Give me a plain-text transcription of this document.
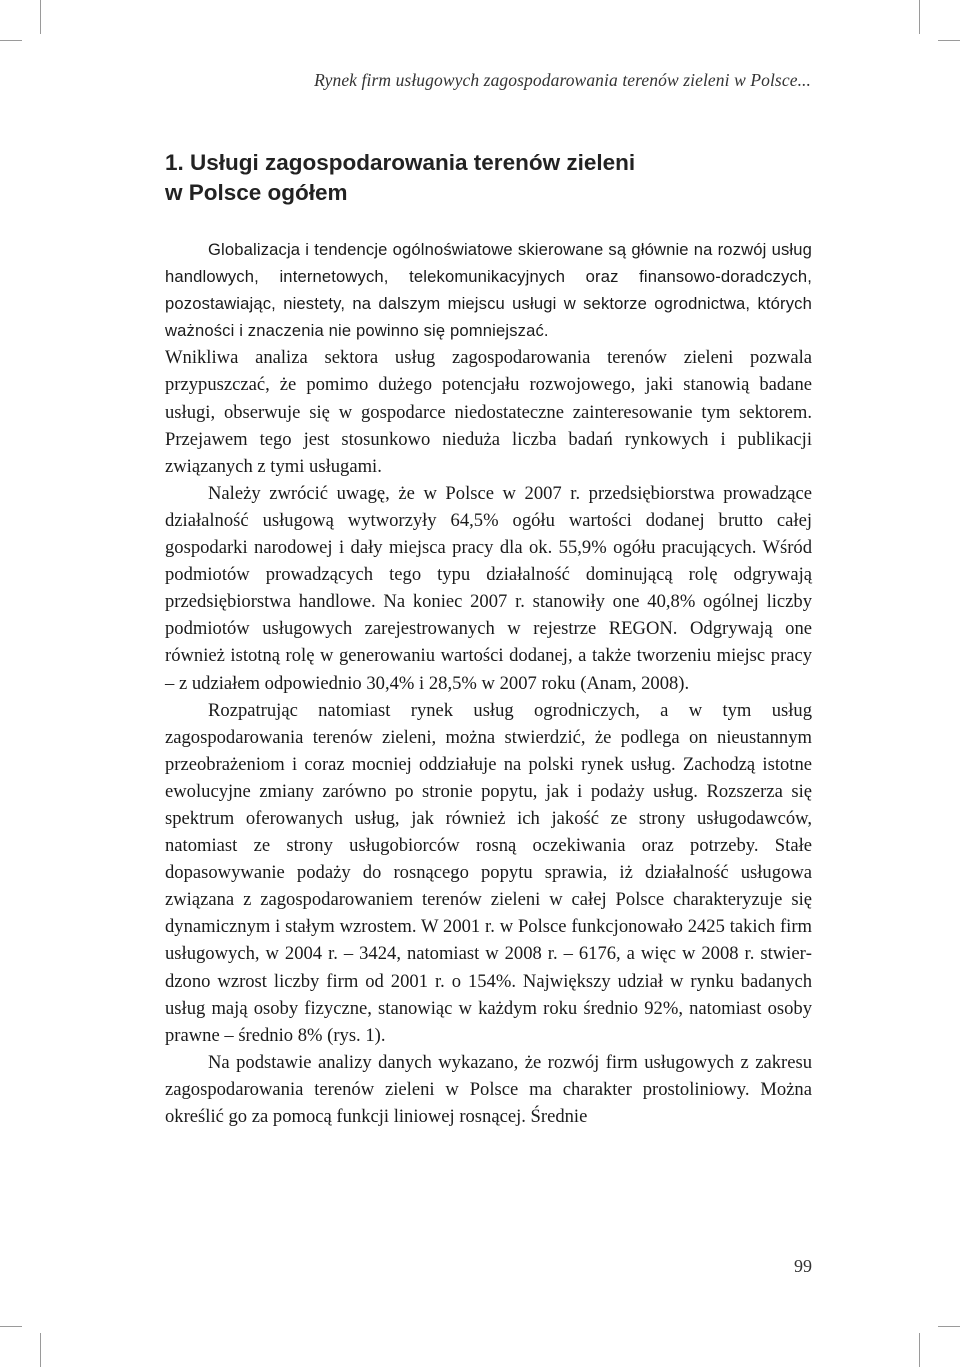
Rynek firm usługowych zagospodarowania terenów zieleni w Polsce...
1. Usługi zagospodarowania terenów zieleni
w Polsce ogółem

Globalizacja i tendencje ogólnoświatowe skierowane są głównie na rozwój usług handlowych, internetowych, telekomunikacyjnych oraz finansowo-doradczych, pozostawiając, niestety, na dalszym miejscu usługi w sektorze ogrodnictwa, których ważności i znaczenia nie powinno się pomniejszać.

Wnikliwa analiza sektora usług zagospodarowania terenów zieleni pozwala przypuszczać, że pomimo dużego potencjału rozwojowego, jaki stanowią badane usługi, obserwuje się w gospodarce niedostateczne zainteresowanie tym sektorem. Przejawem tego jest stosunkowo nieduża liczba badań rynkowych i publikacji związanych z tymi usługami.

Należy zwrócić uwagę, że w Polsce w 2007 r. przedsiębiorstwa prowadzące działalność usługową wytworzyły 64,5% ogółu wartości dodanej brutto całej gospodarki narodowej i dały miejsca pracy dla ok. 55,9% ogółu pracujących. Wśród podmiotów prowadzących tego typu działalność dominującą rolę odgrywają przedsiębiorstwa handlowe. Na koniec 2007 r. stanowiły one 40,8% ogólnej liczby podmiotów usługowych zarejestrowanych w rejestrze REGON. Odgrywają one również istotną rolę w generowaniu wartości dodanej, a także tworzeniu miejsc pracy – z udziałem odpowiednio 30,4% i 28,5% w 2007 roku (Anam, 2008).

Rozpatrując natomiast rynek usług ogrodniczych, a w tym usług zagospodarowania terenów zieleni, można stwierdzić, że podlega on nieustannym przeobrażeniom i coraz mocniej oddziałuje na polski rynek usług. Zachodzą istotne ewolucyjne zmiany zarówno po stronie popytu, jak i podaży usług. Rozszerza się spektrum oferowanych usług, jak również ich jakość ze strony usługodawców, natomiast ze strony usługobiorców rosną oczekiwania oraz potrzeby. Stałe dopasowywanie podaży do rosnącego popytu sprawia, iż działalność usługowa związana z zagospodarowaniem terenów zieleni w całej Polsce charakteryzuje się dynamicznym i stałym wzrostem. W 2001 r. w Polsce funkcjonowało 2425 takich firm usługowych, w 2004 r. – 3424, natomiast w 2008 r. – 6176, a więc w 2008 r. stwierdzono wzrost liczby firm od 2001 r. o 154%. Największy udział w rynku badanych usług mają osoby fizyczne, stanowiąc w każdym roku średnio 92%, natomiast osoby prawne – średnio 8% (rys. 1).

Na podstawie analizy danych wykazano, że rozwój firm usługowych z zakresu zagospodarowania terenów zieleni w Polsce ma charakter prostoliniowy. Można określić go za pomocą funkcji liniowej rosnącej. Średnie

99
